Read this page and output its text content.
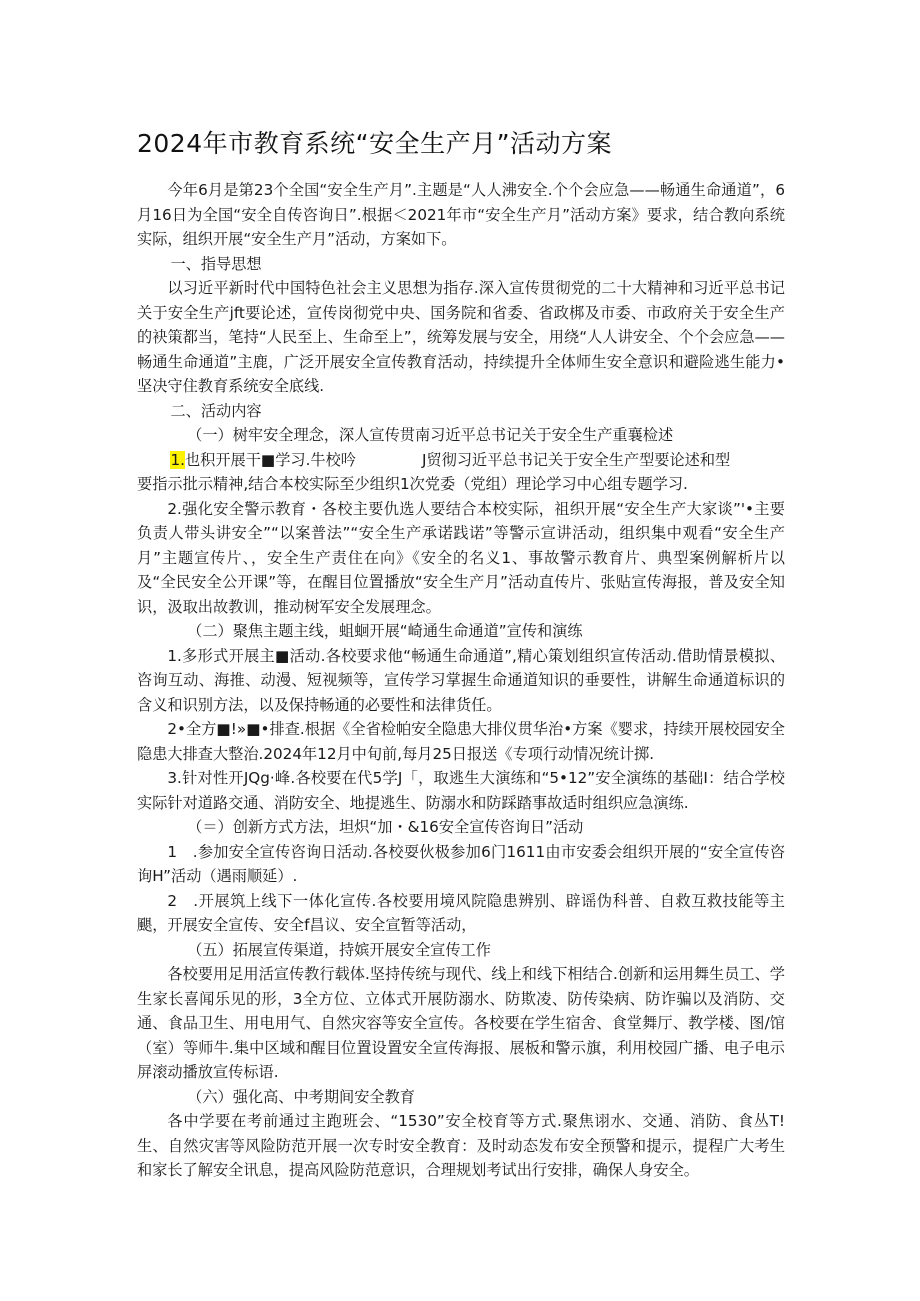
2024年市教育系统“安全生产月”活动方案

今年6月是第23个全国“安全生产月”.主题是“人人沸安全.个个会应急——畅通生命通道”，6月16日为全国“安全自传咨询日”.根据＜2021年市“安全生产月”活动方案》要求，结合教向系统实际，组织开展“安全生产月”活动，方案如下。

一、指导思想

以习近平新时代中国特色社会主义思想为指存.深入宣传贯彻党的二十大精神和习近平总书记关于安全生产jft要论述，宣传岗彻党中央、国务院和省委、省政梆及市委、市政府关于安全生产的袂策都当，笔持“人民至上、生命至上”，统筹发展与安全，用绕“人人讲安全、个个会应急——畅通生命通道”主鹿，广泛开展安全宣传教育活动，持续提升全体师生安全意识和避险逃生能力•坚决守住教育系统安全底线.

二、活动内容

（一）树牢安全理念，深人宣传贯南习近平总书记关于安全生产重襄检述

1.也积开展干■学习.牛校吟	J贸彻习近平总书记关于安全生产型要论述和型

要指示批示精神,结合本校实际至少组织1次党委（党组）理论学习中心组专题学习.

2.强化安全警示教育・各校主要仇选人要结合本校实际，祖织开展“安全生产大家谈”'•主要负责人带头讲安全”“以案普法”“安全生产承诺践诺”等警示宣讲活动，组织集中观看“安全生产月”主题宣传片、，安全生产责住在向》《安全的名义1、事故警示教育片、典型案例解析片以及“全民安全公开课”等，在醒目位置播放“安全生产月”活动直传片、张贴宣传海报，普及安全知识，汲取出故教训，推动树军安全发展理念。

（二）聚焦主题主线，蛆蛔开展“崎通生命通道”宣传和演练

1.多形式开展主■活动.各校要求他“畅通生命通道”,精心策划组织宣传活动.借助情景模拟、咨询互动、海推、动漫、短视频等，宣传学习掌握生命通道知识的垂要性，讲解生命通道标识的含义和识别方法，以及保持畅通的必要性和法律货任。

2•全方■!»■•排查.根据《全省检帕安全隐患大排仪贯华治•方案《婴求，持续开展校园安全隐患大排查大整治.2024年12月中旬前,每月25日报送《专项行动情况统计掷.

3.针对性开JQg·峰.各校要在代5学J「，取逃生大演练和“5•12”安全演练的基础I：结合学校实际针对道路交通、消防安全、地提逃生、防溺水和防踩踏事故适时组织应急演练.

（＝）创新方式方法，坦炽“加・&16安全宣传咨询日”活动

1　.参加安全宣传咨询日活动.各校耍伙极参加6门1611由市安委会组织开展的“安全宣传咨询H”活动（遇雨顺延）.

2　.开展筑上线下一体化宣传.各校要用境风院隐患辨别、辟谣伪科普、自救互救技能等主颶，开展安全宣传、安全f昌议、安全宣暂等活动，

（五）拓展宣传渠道，持嫔开展安全宣传工作

各校要用足用活宣传教行载体.坚持传统与现代、线上和线下相结合.创新和运用舞生员工、学生家长喜闻乐见的形，3全方位、立体式开展防溺水、防欺凌、防传染病、防诈骗以及消防、交通、食品卫生、用电用气、自然灾容等安全宣传。各校要在学生宿舍、食堂舞厅、教学楼、图/馆（室）等师牛.集中区域和醒目位置设置安全宣传海报、展板和警示旗，利用校园广播、电子电示屏滚动播放宣传标语.

（六）强化高、中考期间安全教育

各中学要在考前通过主跑班会、“1530”安全校育等方式.聚焦诩水、交通、消防、食丛T!生、自然灾害等风险防范开展一次专时安全教育：及时动态发布安全预警和提示，提程广大考生和家长了解安全讯息，提高风险防范意识，合理规划考试出行安排，确保人身安全。
